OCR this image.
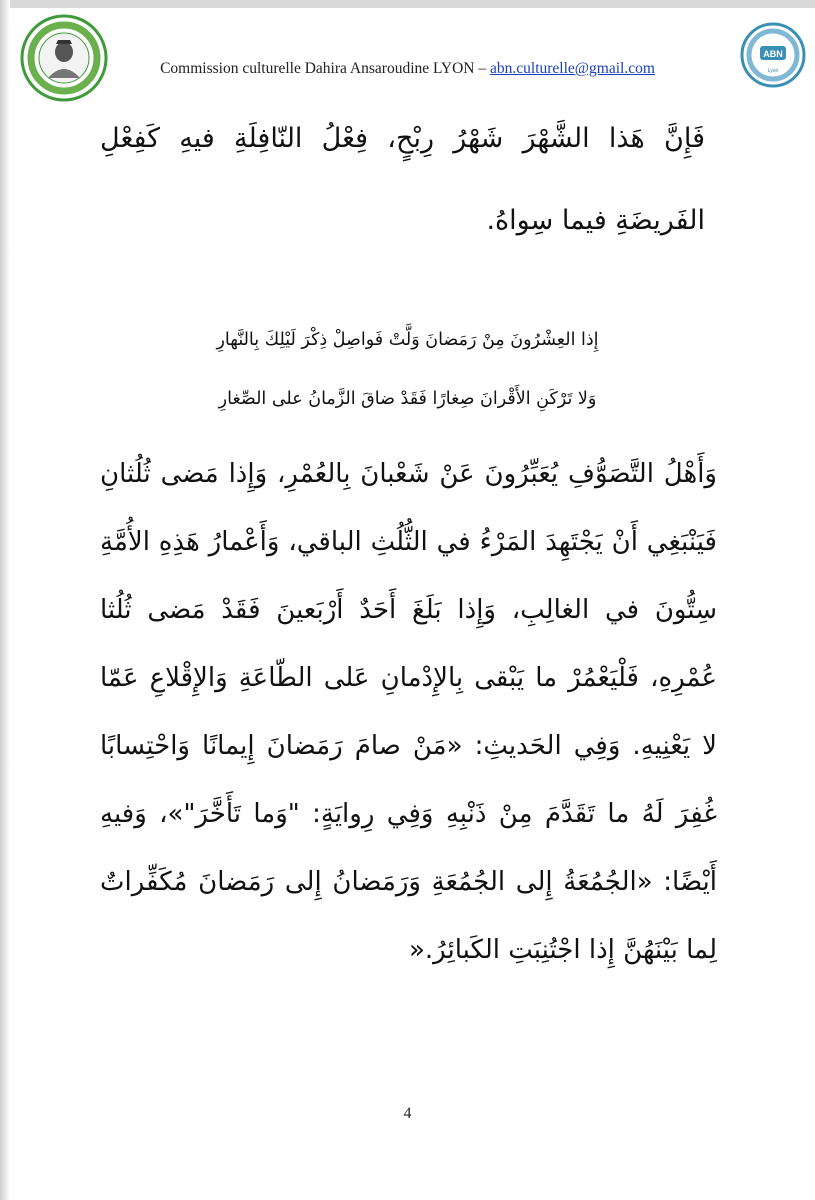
ABN
Lyon
Commission culturelle Dahira Ansaroudine LYON – abn.culturelle@gmail.com
فَإِنَّ هَذا الشَّهْرَ شَهْرُ رِبْحٍ، فِعْلُ النّافِلَةِ فيهِ كَفِعْلِ الفَريضَةِ فيما سِواهُ.
إِذا العِشْرُونَ مِنْ رَمَضانَ وَلَّتْ فَواصِلْ ذِكْرَ لَيْلِكَ بِالنَّهارِ
وَلا تَرْكَنِ الأَقْرانَ صِغارًا فَقَدْ ضاقَ الزَّمانُ على الصِّغارِ
وَأَهْلُ التَّصَوُّفِ يُعَبِّرُونَ عَنْ شَعْبانَ بِالعُمْرِ، وَإِذا مَضى ثُلُثانِ فَيَنْبَغِي أَنْ يَجْتَهِدَ المَرْءُ في الثُّلُثِ الباقي، وَأَعْمارُ هَذِهِ الأُمَّةِ سِتُّونَ في الغالِبِ، وَإِذا بَلَغَ أَحَدٌ أَرْبَعينَ فَقَدْ مَضى ثُلُثا عُمْرِهِ، فَلْيَعْمُرْ ما يَبْقى بِالإِدْمانِ عَلى الطّاعَةِ وَالإِقْلاعِ عَمّا لا يَعْنِيهِ. وَفِي الحَديثِ: «مَنْ صامَ رَمَضانَ إِيمانًا وَاحْتِسابًا غُفِرَ لَهُ ما تَقَدَّمَ مِنْ ذَنْبِهِ وَفِي رِوايَةٍ: "وَما تَأَخَّرَ"»، وَفيهِ أَيْضًا: «الجُمُعَةُ إِلى الجُمُعَةِ وَرَمَضانُ إِلى رَمَضانَ مُكَفِّراتٌ لِما بَيْنَهُنَّ إِذا اجْتُنِبَتِ الكَبائِرُ.«
4
